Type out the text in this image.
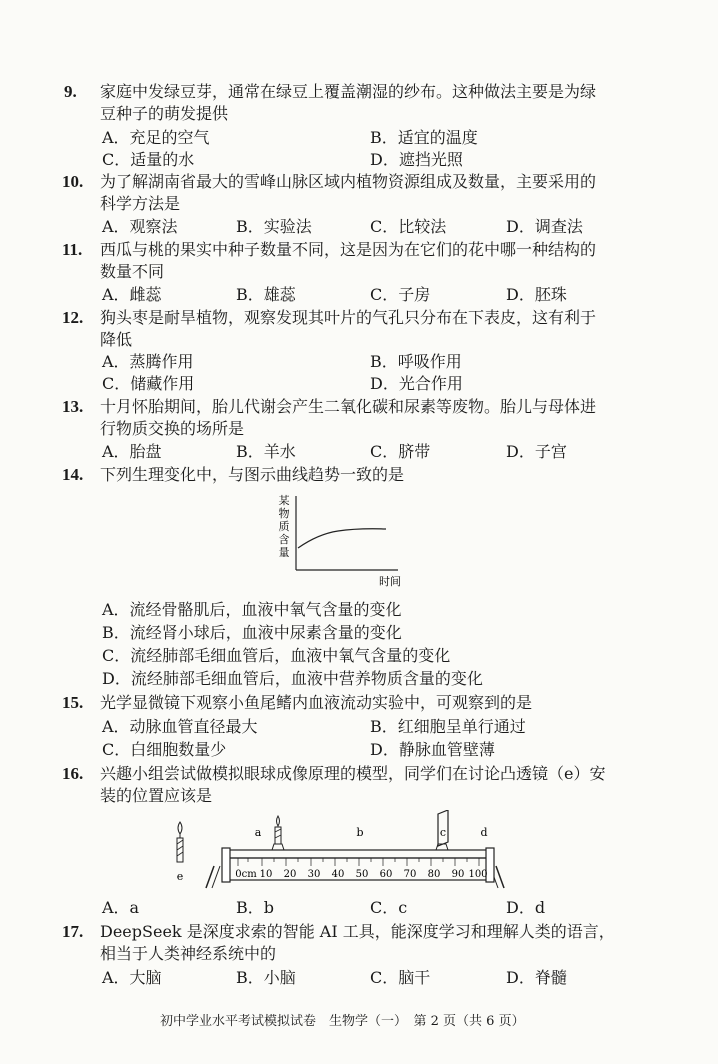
9. 家庭中发绿豆芽，通常在绿豆上覆盖潮湿的纱布。这种做法主要是为绿
豆种子的萌发提供
A．充足的空气	B．适宜的温度
C．适量的水	D．遮挡光照
10. 为了解湖南省最大的雪峰山脉区域内植物资源组成及数量，主要采用的
科学方法是
A．观察法	B．实验法	C．比较法	D．调查法
11. 西瓜与桃的果实中种子数量不同，这是因为在它们的花中哪一种结构的
数量不同
A．雌蕊	B．雄蕊	C．子房	D．胚珠
12. 狗头枣是耐旱植物，观察发现其叶片的气孔只分布在下表皮，这有利于
降低
A．蒸腾作用	B．呼吸作用
C．储藏作用	D．光合作用
13. 十月怀胎期间，胎儿代谢会产生二氧化碳和尿素等废物。胎儿与母体进
行物质交换的场所是
A．胎盘	B．羊水	C．脐带	D．子宫
14. 下列生理变化中，与图示曲线趋势一致的是
某
物
质
含
量
时间
A．流经骨骼肌后，血液中氧气含量的变化
B．流经肾小球后，血液中尿素含量的变化
C．流经肺部毛细血管后，血液中氧气含量的变化
D．流经肺部毛细血管后，血液中营养物质含量的变化
15. 光学显微镜下观察小鱼尾鳍内血液流动实验中，可观察到的是
A．动脉血管直径最大	B．红细胞呈单行通过
C．白细胞数量少	D．静脉血管壁薄
16. 兴趣小组尝试做模拟眼球成像原理的模型，同学们在讨论凸透镜（e）安
装的位置应该是
e	0cm 10 20 30 40 50 60 70 80 90 100
a	b	c	d
A．a	B．b	C．c	D．d
17. DeepSeek 是深度求索的智能 AI 工具，能深度学习和理解人类的语言，
相当于人类神经系统中的
A．大脑	B．小脑	C．脑干	D．脊髓
初中学业水平考试模拟试卷　生物学（一）　第 2 页（共 6 页）
